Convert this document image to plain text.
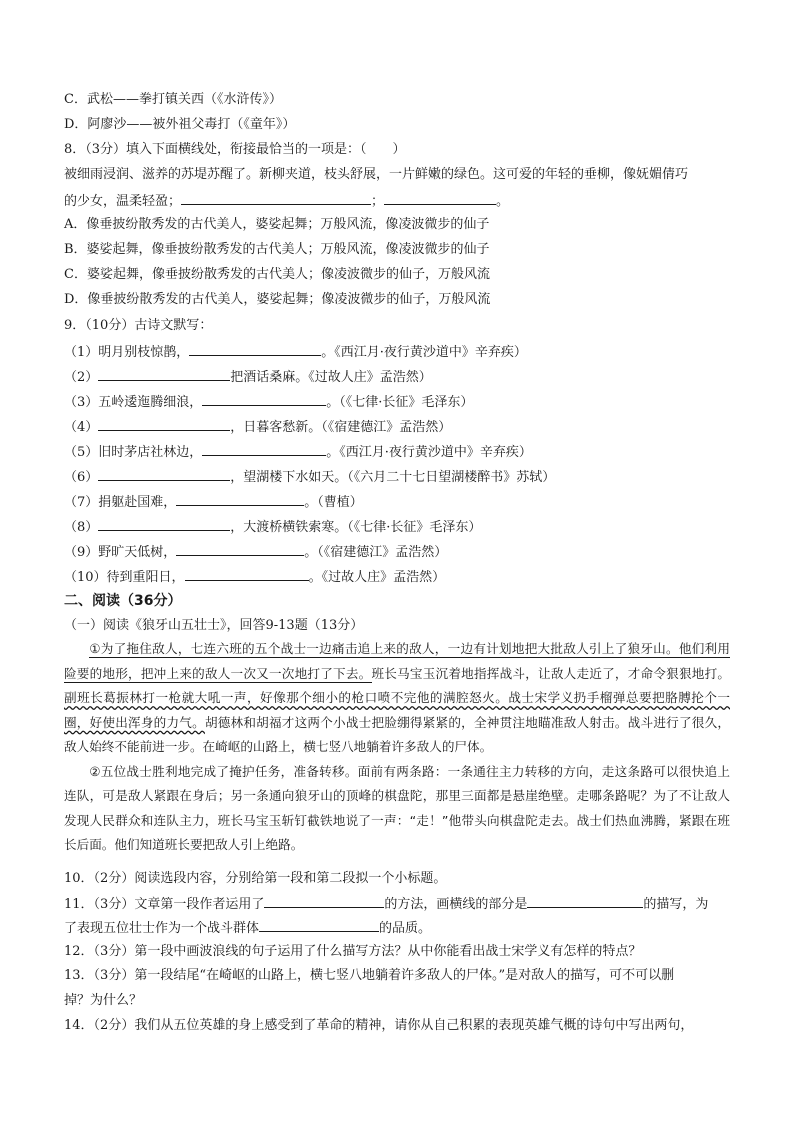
C．武松——拳打镇关西（《水浒传》）
D．阿廖沙——被外祖父毒打（《童年》）
8．（3分）填入下面横线处，衔接最恰当的一项是：（　　）
被细雨浸润、滋养的苏堤苏醒了。新柳夹道，枝头舒展，一片鲜嫩的绿色。这可爱的年轻的垂柳，像妩媚倩巧
的少女，温柔轻盈；	；	。
A．像垂披纷散秀发的古代美人，婆娑起舞；万般风流，像凌波微步的仙子
B．婆娑起舞，像垂披纷散秀发的古代美人；万般风流，像凌波微步的仙子
C．婆娑起舞，像垂披纷散秀发的古代美人；像凌波微步的仙子，万般风流
D．像垂披纷散秀发的古代美人，婆娑起舞；像凌波微步的仙子，万般风流
9．（10分）古诗文默写：
（1）明月别枝惊鹊，	。《西江月·夜行黄沙道中》辛弃疾）
（2）	把酒话桑麻。《过故人庄》孟浩然）
（3）五岭逶迤腾细浪，	。（《七律·长征》毛泽东）
（4）	，日暮客愁新。（《宿建德江》孟浩然）
（5）旧时茅店社林边，	。《西江月·夜行黄沙道中》辛弃疾）
（6）	，望湖楼下水如天。（《六月二十七日望湖楼醉书》苏轼）
（7）捐躯赴国难，	。（曹植）
（8）	，大渡桥横铁索寒。（《七律·长征》毛泽东）
（9）野旷天低树，	。（《宿建德江》孟浩然）
（10）待到重阳日，	。《过故人庄》孟浩然）
二、阅读（36分）
（一）阅读《狼牙山五壮士》，回答9-13题（13分）

①为了拖住敌人，七连六班的五个战士一边痛击追上来的敌人，一边有计划地把大批敌人引上了狼牙山。他们利用险要的地形，把冲上来的敌人一次又一次地打了下去。班长马宝玉沉着地指挥战斗，让敌人走近了，才命令狠狠地打。副班长葛振林打一枪就大吼一声，好像那个细小的枪口喷不完他的满腔怒火。战士宋学义扔手榴弹总要把胳膊抡个一圈，好使出浑身的力气。胡德林和胡福才这两个小战士把脸绷得紧紧的，全神贯注地瞄准敌人射击。战斗进行了很久，敌人始终不能前进一步。在崎岖的山路上，横七竖八地躺着许多敌人的尸体。

②五位战士胜利地完成了掩护任务，准备转移。面前有两条路：一条通往主力转移的方向，走这条路可以很快追上连队，可是敌人紧跟在身后；另一条通向狼牙山的顶峰的棋盘陀，那里三面都是悬崖绝壁。走哪条路呢？为了不让敌人发现人民群众和连队主力，班长马宝玉斩钉截铁地说了一声：“走！”他带头向棋盘陀走去。战士们热血沸腾，紧跟在班长后面。他们知道班长要把敌人引上绝路。

10．（2分）阅读选段内容，分别给第一段和第二段拟一个小标题。
11．（3分）文章第一段作者运用了	的方法，画横线的部分是	的描写，为
了表现五位壮士作为一个战斗群体	的品质。
12．（3分）第一段中画波浪线的句子运用了什么描写方法？从中你能看出战士宋学义有怎样的特点？
13．（3分）第一段结尾“在崎岖的山路上，横七竖八地躺着许多敌人的尸体。”是对敌人的描写，可不可以删
掉？为什么？
14．（2分）我们从五位英雄的身上感受到了革命的精神，请你从自己积累的表现英雄气概的诗句中写出两句，
